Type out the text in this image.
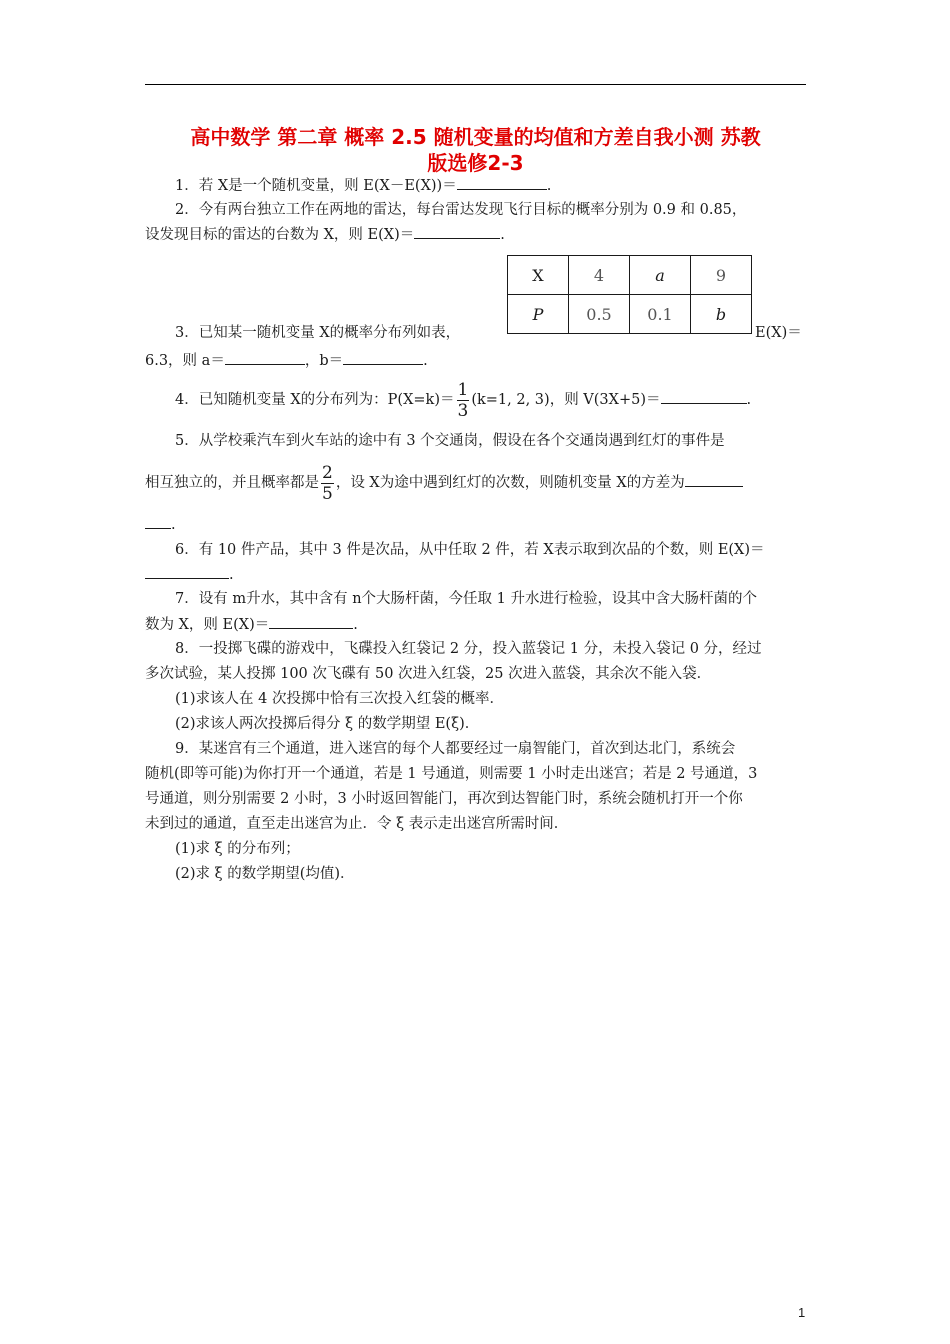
高中数学 第二章 概率 2.5 随机变量的均值和方差自我小测 苏教
版选修2-3
1．若 X是一个随机变量，则 E(X－E(X))＝	.
2．今有两台独立工作在两地的雷达，每台雷达发现飞行目标的概率分别为 0.9 和 0.85，
设发现目标的雷达的台数为 X，则 E(X)＝	.
X	4	a	9
P	0.5	0.1	b
3．已知某一随机变量 X的概率分布列如表，	E(X)＝
6.3，则 a＝	，b＝	.
4．已知随机变量 X的分布列为：$P(X=k)= \frac{1}{3} (k=1$, 2, 3)，则 V(3X+5)＝	.
5．从学校乘汽车到火车站的途中有 3 个交通岗，假设在各个交通岗遇到红灯的事件是
相互独立的，并且概率都是 $\frac{2}{5}$ ，设 X为途中遇到红灯的次数，则随机变量 X的方差为
.
6．有 10 件产品，其中 3 件是次品，从中任取 2 件，若 X表示取到次品的个数，则 E(X)＝
.
7．设有 m升水，其中含有 n个大肠杆菌，今任取 1 升水进行检验，设其中含大肠杆菌的个
数为 X，则 E(X)＝	.
8．一投掷飞碟的游戏中，飞碟投入红袋记 2 分，投入蓝袋记 1 分，未投入袋记 0 分，经过
多次试验，某人投掷 100 次飞碟有 50 次进入红袋，25 次进入蓝袋，其余次不能入袋．
(1)求该人在 4 次投掷中恰有三次投入红袋的概率．
(2)求该人两次投掷后得分 ξ 的数学期望 E(ξ)．
9．某迷宫有三个通道，进入迷宫的每个人都要经过一扇智能门，首次到达北门，系统会
随机(即等可能)为你打开一个通道，若是 1 号通道，则需要 1 小时走出迷宫；若是 2 号通道，3
号通道，则分别需要 2 小时，3 小时返回智能门，再次到达智能门时，系统会随机打开一个你
未到过的通道，直至走出迷宫为止．令 ξ 表示走出迷宫所需时间．
(1)求 ξ 的分布列；
(2)求 ξ 的数学期望(均值)．
1
